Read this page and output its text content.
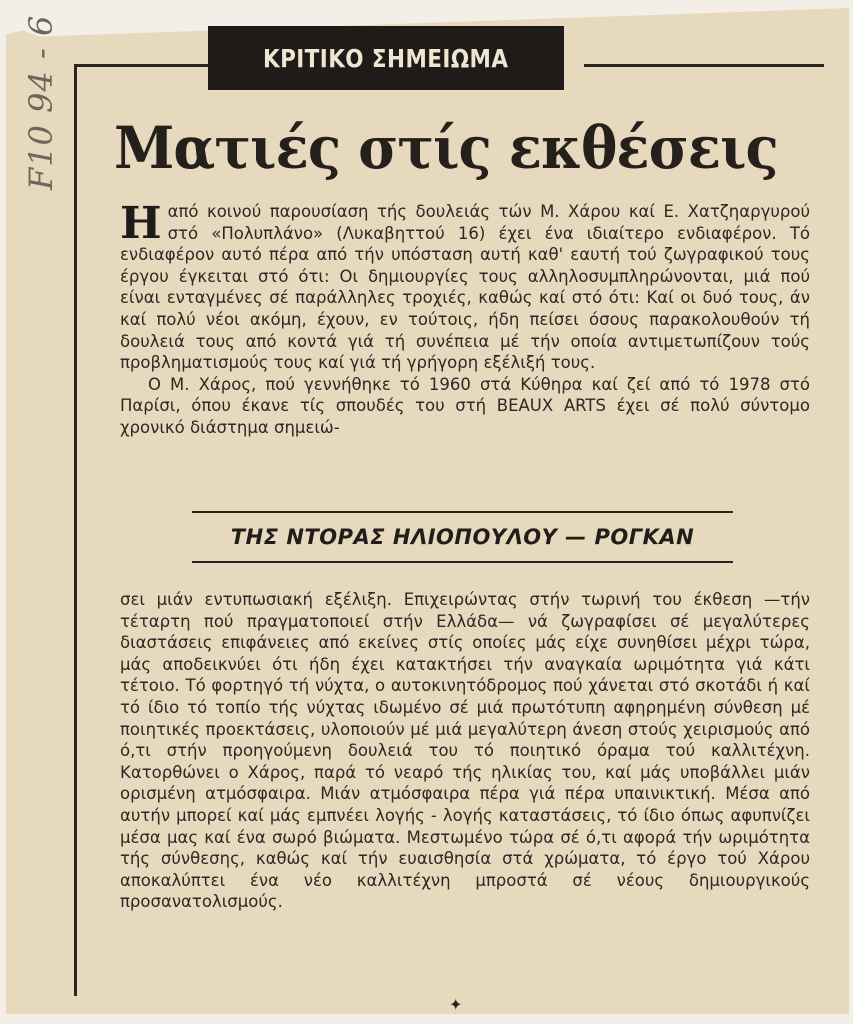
ΚΡΙΤΙΚΟ ΣΗΜΕΙΩΜΑ
F10 94 - 6 Ματιές στίς εκθέσεις

Η από κοινού παρουσίαση τής δουλειάς τών Μ. Χάρου καί Ε. Χατζηαργυρού στό «Πολυπλάνο» (Λυκαβηττού 16) έχει ένα ιδιαίτερο ενδιαφέρον. Τό ενδιαφέρον αυτό πέρα από τήν υπόσταση αυτή καθ' εαυτή τού ζωγραφικού τους έργου έγκειται στό ότι: Οι δημιουργίες τους αλληλοσυμπληρώνονται, μιά πού είναι ενταγμένες σέ παράλληλες τροχιές, καθώς καί στό ότι: Καί οι δυό τους, άν καί πολύ νέοι ακόμη, έχουν, εν τούτοις, ήδη πείσει όσους παρακολουθούν τή δουλειά τους από κοντά γιά τή συνέπεια μέ τήν οποία αντιμετωπίζουν τούς προβληματισμούς τους καί γιά τή γρήγορη εξέλιξή τους.

Ο Μ. Χάρος, πού γεννήθηκε τό 1960 στά Κύθηρα καί ζεί από τό 1978 στό Παρίσι, όπου έκανε τίς σπουδές του στή BEAUX ARTS έχει σέ πολύ σύντομο χρονικό διάστημα σημειώ-

ΤΗΣ ΝΤΟΡΑΣ ΗΛΙΟΠΟΥΛΟΥ — ΡΟΓΚΑΝ

σει μιάν εντυπωσιακή εξέλιξη. Επιχειρώντας στήν τωρινή του έκθεση —τήν τέταρτη πού πραγματοποιεί στήν Ελλάδα— νά ζωγραφίσει σέ μεγαλύτερες διαστάσεις επιφάνειες από εκείνες στίς οποίες μάς είχε συνηθίσει μέχρι τώρα, μάς αποδεικνύει ότι ήδη έχει κατακτήσει τήν αναγκαία ωριμότητα γιά κάτι τέτοιο. Τό φορτηγό τή νύχτα, ο αυτοκινητόδρομος πού χάνεται στό σκοτάδι ή καί τό ίδιο τό τοπίο τής νύχτας ιδωμένο σέ μιά πρωτότυπη αφηρημένη σύνθεση μέ ποιητικές προεκτάσεις, υλοποιούν μέ μιά μεγαλύτερη άνεση στούς χειρισμούς από ό,τι στήν προηγούμενη δουλειά του τό ποιητικό όραμα τού καλλιτέχνη. Κατορθώνει ο Χάρος, παρά τό νεαρό τής ηλικίας του, καί μάς υποβάλλει μιάν ορισμένη ατμόσφαιρα. Μιάν ατμόσφαιρα πέρα γιά πέρα υπαινικτική. Μέσα από αυτήν μπορεί καί μάς εμπνέει λογής - λογής καταστάσεις, τό ίδιο όπως αφυπνίζει μέσα μας καί ένα σωρό βιώματα. Μεστωμένο τώρα σέ ό,τι αφορά τήν ωριμότητα τής σύνθεσης, καθώς καί τήν ευαισθησία στά χρώματα, τό έργο τού Χάρου αποκαλύπτει ένα νέο καλλιτέχνη μπροστά σέ νέους δημιουργικούς προσανατολισμούς.

✦
